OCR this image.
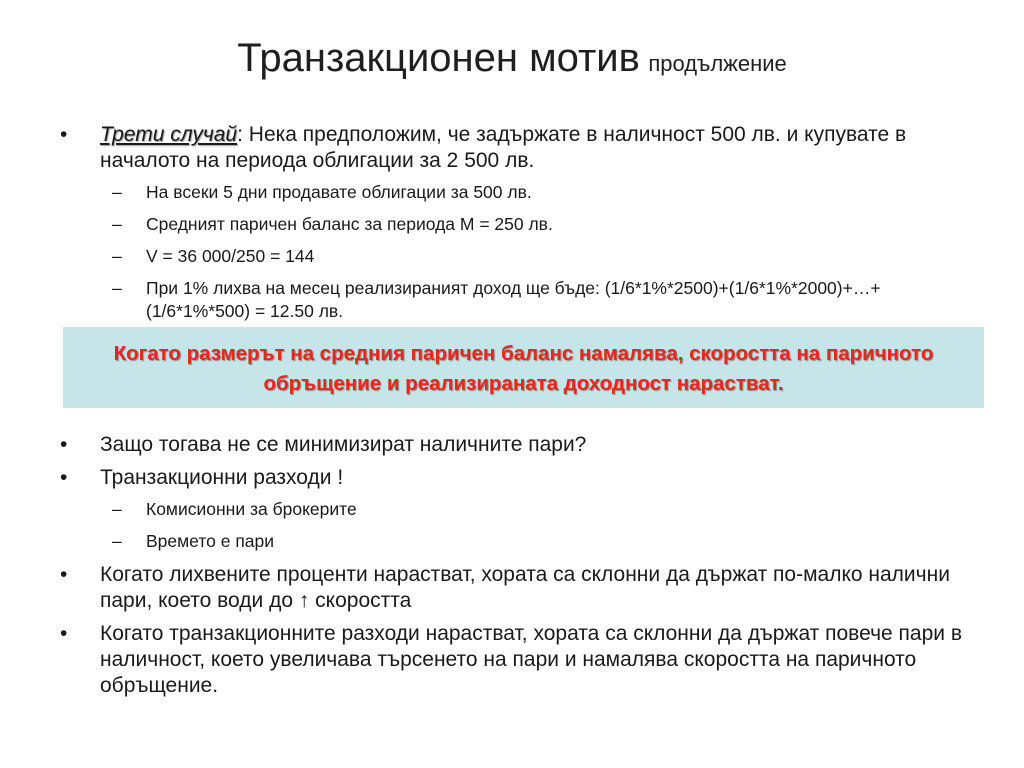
Транзакционен мотив продължение

• Трети случай: Нека предположим, че задържате в наличност 500 лв. и купувате в началото на периода облигации за 2 500 лв.

– На всеки 5 дни продавате облигации за 500 лв.

– Средният паричен баланс за периода М = 250 лв.

– V = 36 000/250 = 144

– При 1% лихва на месец реализираният доход ще бъде: (1/6*1%*2500)+(1/6*1%*2000)+…+(1/6*1%*500) = 12.50 лв.

Когато размерът на средния паричен баланс намалява, скоростта на паричното обръщение и реализираната доходност нарастват.

• Защо тогава не се минимизират наличните пари?

• Транзакционни разходи !

– Комисионни за брокерите

– Времето е пари

• Когато лихвените проценти нарастват, хората са склонни да държат по-малко налични пари, което води до ↑ скоростта

• Когато транзакционните разходи нарастват, хората са склонни да държат повече пари в наличност, което увеличава търсенето на пари и намалява скоростта на паричното обръщение.
